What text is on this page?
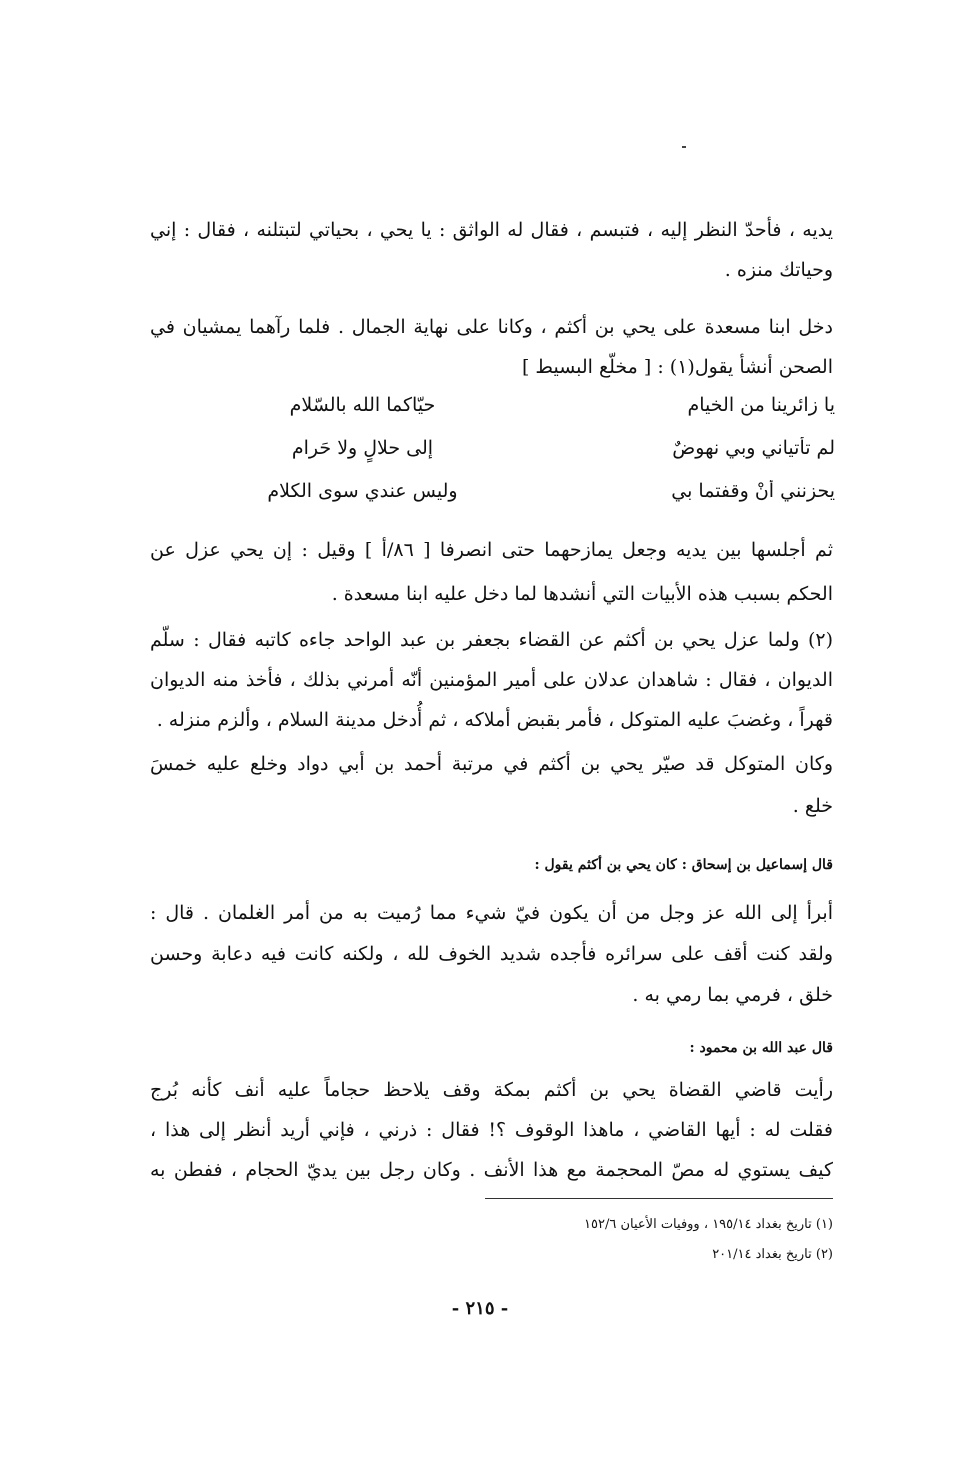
يديه ، فأحدّ النظر إليه ، فتبسم ، فقال له الواثق : يا يحي ، بحياتي لتبتلنه ، فقال : إني
وحياتك منزه .
دخل ابنا مسعدة على يحي بن أكثم ، وكانا على نهاية الجمال . فلما رآهما يمشيان في
الصحن أنشأ يقول(١) : [ مخلّع البسيط ]
يا زائرينا من الخيام
حيّاكما الله بالسّلام
لم تأتياني وبي نهوضٌ
إلى حلالٍ ولا حَرام
يحزنني أنْ وقفتما بي
وليس عندي سوى الكلام
ثم أجلسها بين يديه وجعل يمازحهما حتى انصرفا [ ٨٦/أ ] وقيل : إن يحي عزل عن
الحكم بسبب هذه الأبيات التي أنشدها لما دخل عليه ابنا مسعدة .
(٢) ولما عزل يحي بن أكثم عن القضاء بجعفر بن عبد الواحد جاءه كاتبه فقال : سلّم
الديوان ، فقال : شاهدان عدلان على أمير المؤمنين أنّه أمرني بذلك ، فأخذ منه الديوان
قهراً ، وغضبَ عليه المتوكل ، فأمر بقبض أملاكه ، ثم أُدخل مدينة السلام ، وألزم منزله .
وكان المتوكل قد صيّر يحي بن أكثم في مرتبة أحمد بن أبي دواد وخلع عليه خمسَ
خلع .
قال إسماعيل بن إسحاق : كان يحي بن أكثم يقول :
أبرأ إلى الله عز وجل من أن يكون فيّ شيء مما رُميت به من أمر الغلمان . قال :
ولقد كنت أقف على سرائره فأجده شديد الخوف لله ، ولكنه كانت فيه دعابة وحسن
خلق ، فرمي بما رمي به .
قال عبد الله بن محمود :
رأيت قاضي القضاة يحي بن أكثم بمكة وقف يلاحظ حجاماً عليه أنف كأنه بُرج
فقلت له : أيها القاضي ، ماهذا الوقوف ؟! فقال : ذرني ، فإني أريد أنظر إلى هذا ،
كيف يستوي له مصّ المحجمة مع هذا الأنف . وكان رجل بين يديّ الحجام ، ففطن به
(١) تاريخ بغداد ١٩٥/١٤ ، ووفيات الأعيان ١٥٢/٦
(٢) تاريخ بغداد ٢٠١/١٤
- ٢١٥ -
